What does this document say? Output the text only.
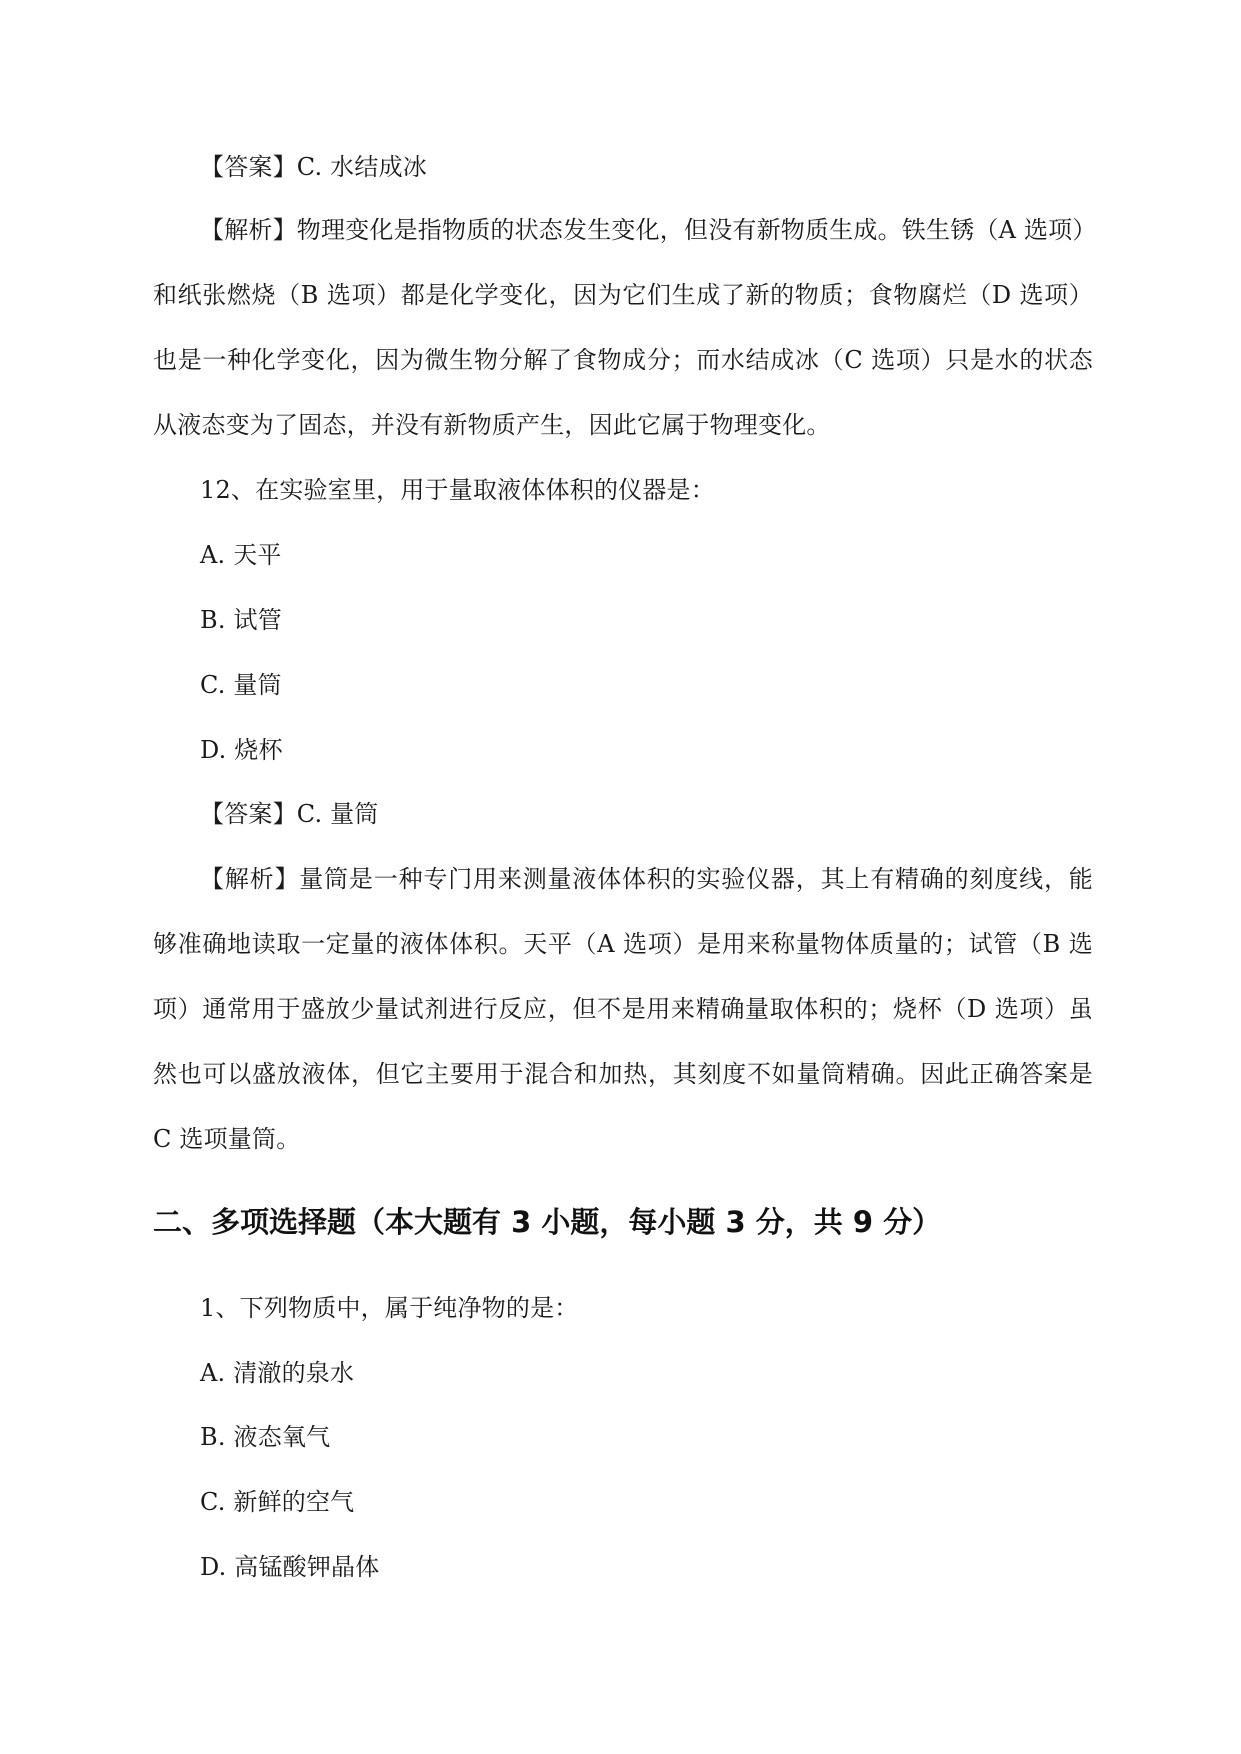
【答案】C. 水结成冰
【解析】物理变化是指物质的状态发生变化，但没有新物质生成。铁生锈（A 选项）
和纸张燃烧（B 选项）都是化学变化，因为它们生成了新的物质；食物腐烂（D 选项）
也是一种化学变化，因为微生物分解了食物成分；而水结成冰（C 选项）只是水的状态
从液态变为了固态，并没有新物质产生，因此它属于物理变化。
12、在实验室里，用于量取液体体积的仪器是：
A. 天平
B. 试管
C. 量筒
D. 烧杯
【答案】C. 量筒
【解析】量筒是一种专门用来测量液体体积的实验仪器，其上有精确的刻度线，能
够准确地读取一定量的液体体积。天平（A 选项）是用来称量物体质量的；试管（B 选
项）通常用于盛放少量试剂进行反应，但不是用来精确量取体积的；烧杯（D 选项）虽
然也可以盛放液体，但它主要用于混合和加热，其刻度不如量筒精确。因此正确答案是
C 选项量筒。
二、多项选择题（本大题有 3 小题，每小题 3 分，共 9 分）
1、下列物质中，属于纯净物的是：
A. 清澈的泉水
B. 液态氧气
C. 新鲜的空气
D. 高锰酸钾晶体
